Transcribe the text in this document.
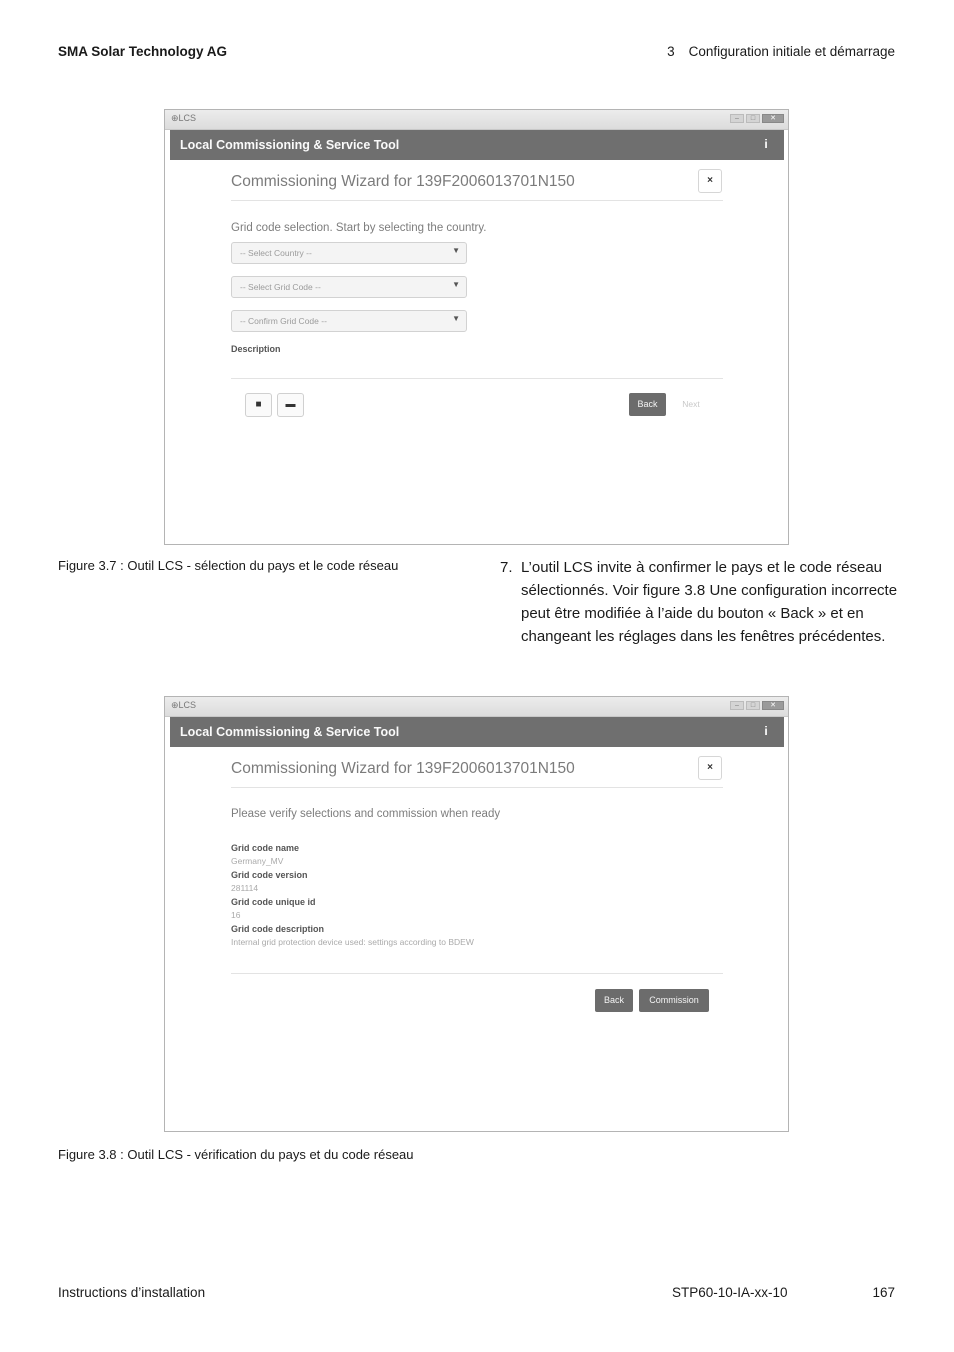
SMA Solar Technology AG	3 Configuration initiale et démarrage
⊕LCS	–	□	✕
Local Commissioning & Service Tool	i
Commissioning Wizard for 139F2006013701N150	×
Grid code selection. Start by selecting the country.
-- Select Country --	▼
-- Select Grid Code --	▼
-- Confirm Grid Code --	▼
Description
■	▬	Back	Next
Figure 3.7 : Outil LCS - sélection du pays et le code réseau	7. L’outil LCS invite à confirmer le pays et le code réseau sélectionnés. Voir figure 3.8 Une configuration incorrecte peut être modifiée à l’aide du bouton « Back » et en changeant les réglages dans les fenêtres précédentes.
⊕LCS	–	□	✕
Local Commissioning & Service Tool	i
Commissioning Wizard for 139F2006013701N150	×
Please verify selections and commission when ready
Grid code name
Germany_MV
Grid code version
281114
Grid code unique id
16
Grid code description
Internal grid protection device used: settings according to BDEW
Back	Commission
Figure 3.8 : Outil LCS - vérification du pays et du code réseau
Instructions d’installation	STP60-10-IA-xx-10	167
